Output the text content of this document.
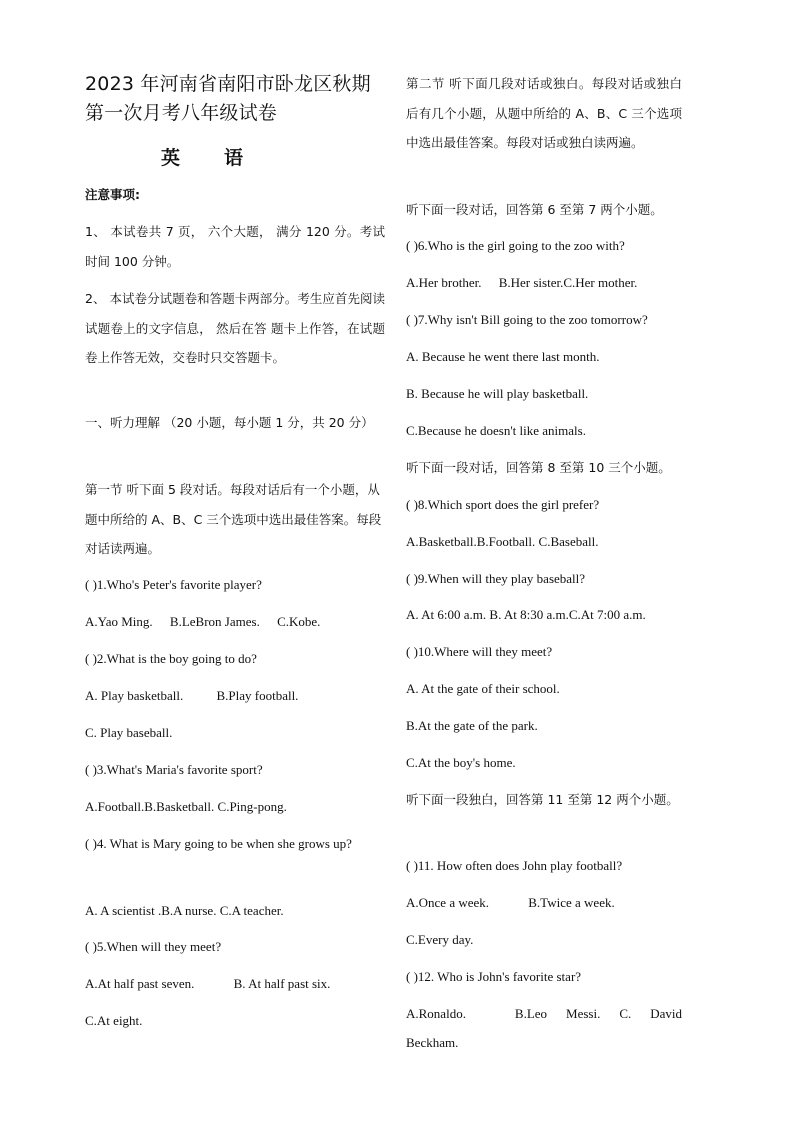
2023 年河南省南阳市卧龙区秋期第一次月考八年级试卷
英语
注意事项:
1、 本试卷共 7 页， 六个大题， 满分 120 分。考试时间 100 分钟。
2、 本试卷分试题卷和答题卡两部分。考生应首先阅读试题卷上的文字信息， 然后在答 题卡上作答，在试题卷上作答无效，交卷时只交答题卡。
一、听力理解 （20 小题，每小题 1 分，共 20 分）
第一节 听下面 5 段对话。每段对话后有一个小题，从题中所给的 A、B、C 三个选项中选出最佳答案。每段对话读两遍。
( )1.Who's Peter's favorite player?
A.Yao Ming. B.LeBron James. C.Kobe.
( )2.What is the boy going to do?
A. Play basketball.	B.Play football.
C. Play baseball.
( )3.What's Maria's favorite sport?
A.Football.B.Basketball. C.Ping-pong.
( )4. What is Mary going to be when she grows up?
A. A scientist .B.A nurse. C.A teacher.
( )5.When will they meet?
A.At half past seven.	B. At half past six.
C.At eight.
第二节 听下面几段对话或独白。每段对话或独白后有几个小题，从题中所给的 A、B、C 三个选项中选出最佳答案。每段对话或独白读两遍。
听下面一段对话，回答第 6 至第 7 两个小题。
( )6.Who is the girl going to the zoo with?
A.Her brother. B.Her sister.C.Her mother.
( )7.Why isn't Bill going to the zoo tomorrow?
A. Because he went there last month.
B. Because he will play basketball.
C.Because he doesn't like animals.
听下面一段对话，回答第 8 至第 10 三个小题。
( )8.Which sport does the girl prefer?
A.Basketball.B.Football. C.Baseball.
( )9.When will they play baseball?
A. At 6:00 a.m. B. At 8:30 a.m.C.At 7:00 a.m.
( )10.Where will they meet?
A. At the gate of their school.
B.At the gate of the park.
C.At the boy's home.
听下面一段独白，回答第 11 至第 12 两个小题。
( )11. How often does John play football?
A.Once a week.	B.Twice a week.
C.Every day.
( )12. Who is John's favorite star?
A.Ronaldo.	B.Leo Messi. C. David
Beckham.
